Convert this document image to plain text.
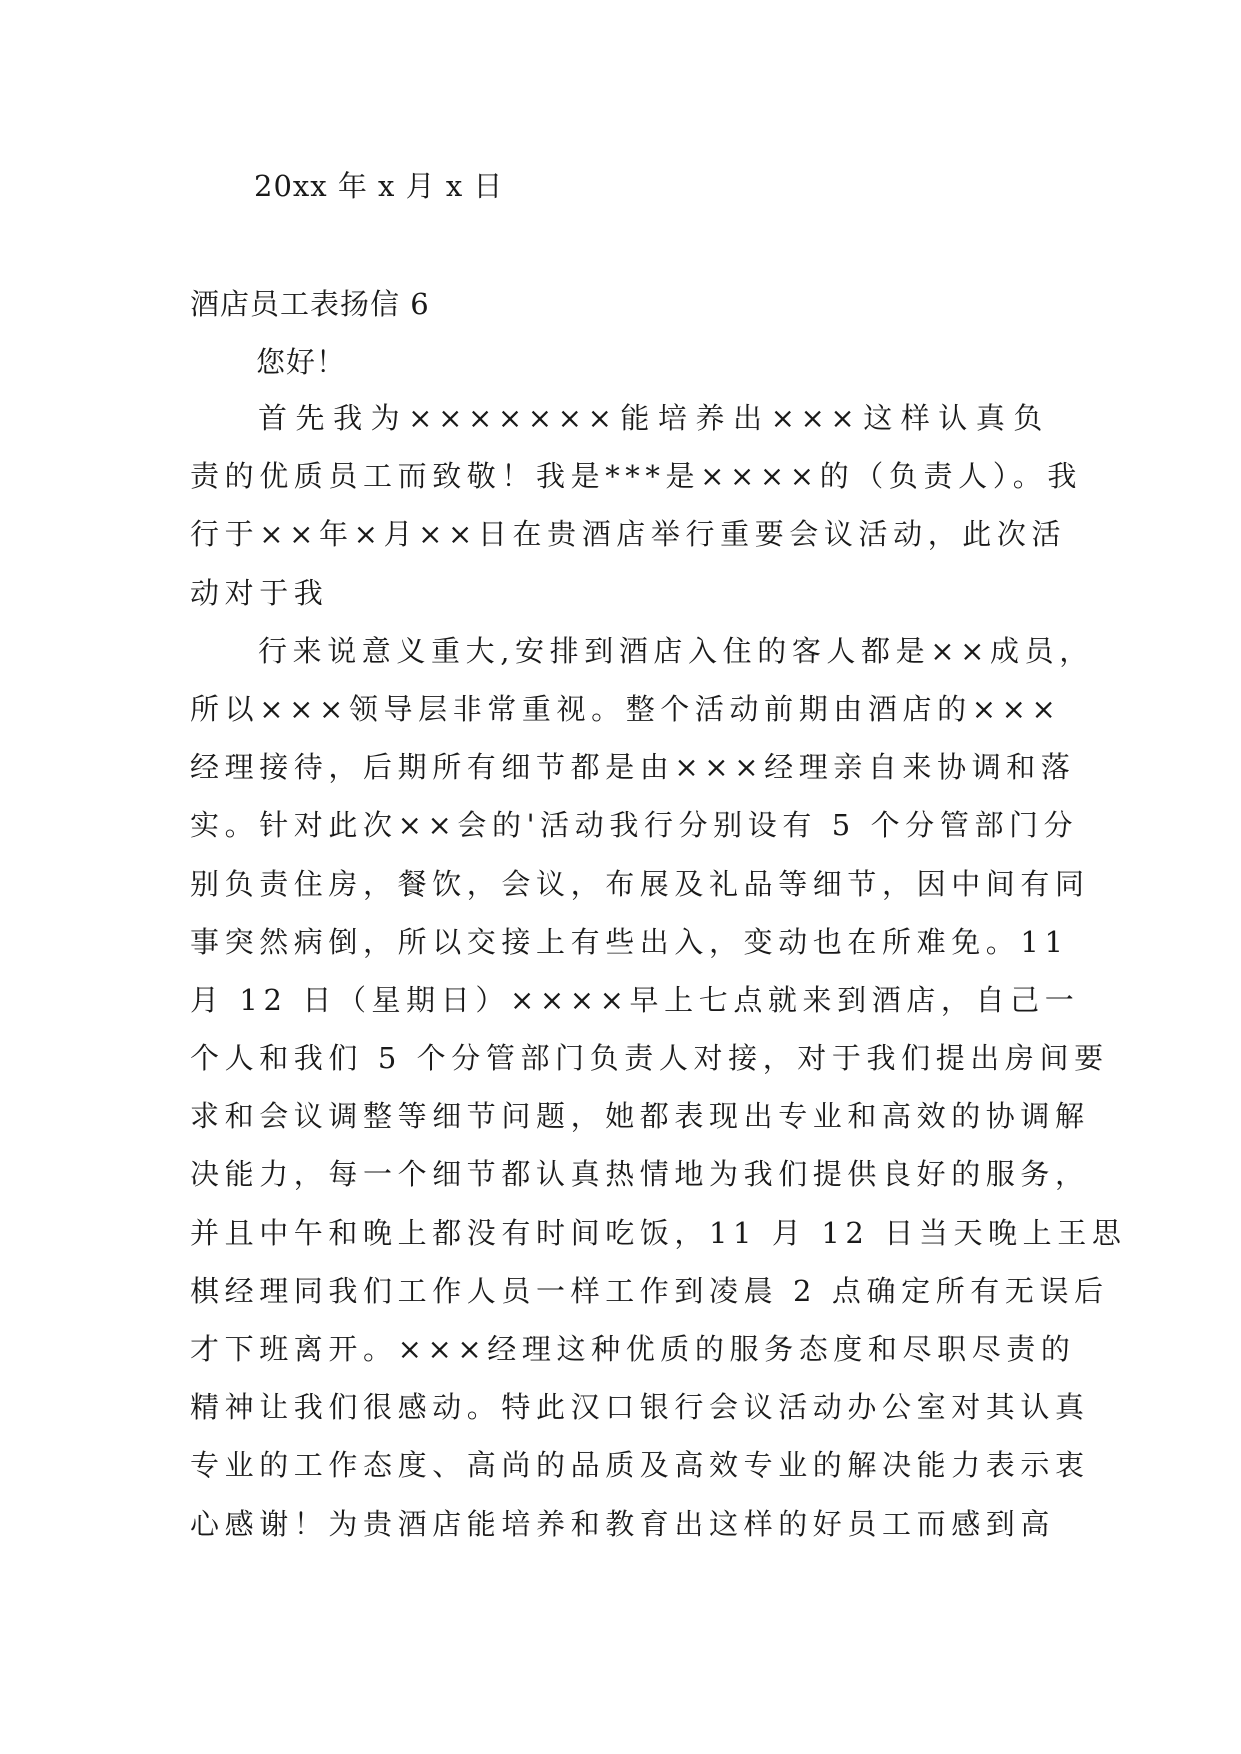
20xx 年 x 月 x 日
酒店员工表扬信 6
您好！
首先我为×××××××能培养出×××这样认真负
责的优质员工而致敬！我是***是××××的（负责人）。我
行于××年×月××日在贵酒店举行重要会议活动，此次活
动对于我
行来说意义重大,安排到酒店入住的客人都是××成员，
所以×××领导层非常重视。整个活动前期由酒店的×××
经理接待，后期所有细节都是由×××经理亲自来协调和落
实。针对此次××会的'活动我行分别设有 5 个分管部门分
别负责住房，餐饮，会议，布展及礼品等细节，因中间有同
事突然病倒，所以交接上有些出入，变动也在所难免。11
月 12 日（星期日）××××早上七点就来到酒店，自己一
个人和我们 5 个分管部门负责人对接，对于我们提出房间要
求和会议调整等细节问题，她都表现出专业和高效的协调解
决能力，每一个细节都认真热情地为我们提供良好的服务，
并且中午和晚上都没有时间吃饭，11 月 12 日当天晚上王思
棋经理同我们工作人员一样工作到凌晨 2 点确定所有无误后
才下班离开。×××经理这种优质的服务态度和尽职尽责的
精神让我们很感动。特此汉口银行会议活动办公室对其认真
专业的工作态度、高尚的品质及高效专业的解决能力表示衷
心感谢！为贵酒店能培养和教育出这样的好员工而感到高
